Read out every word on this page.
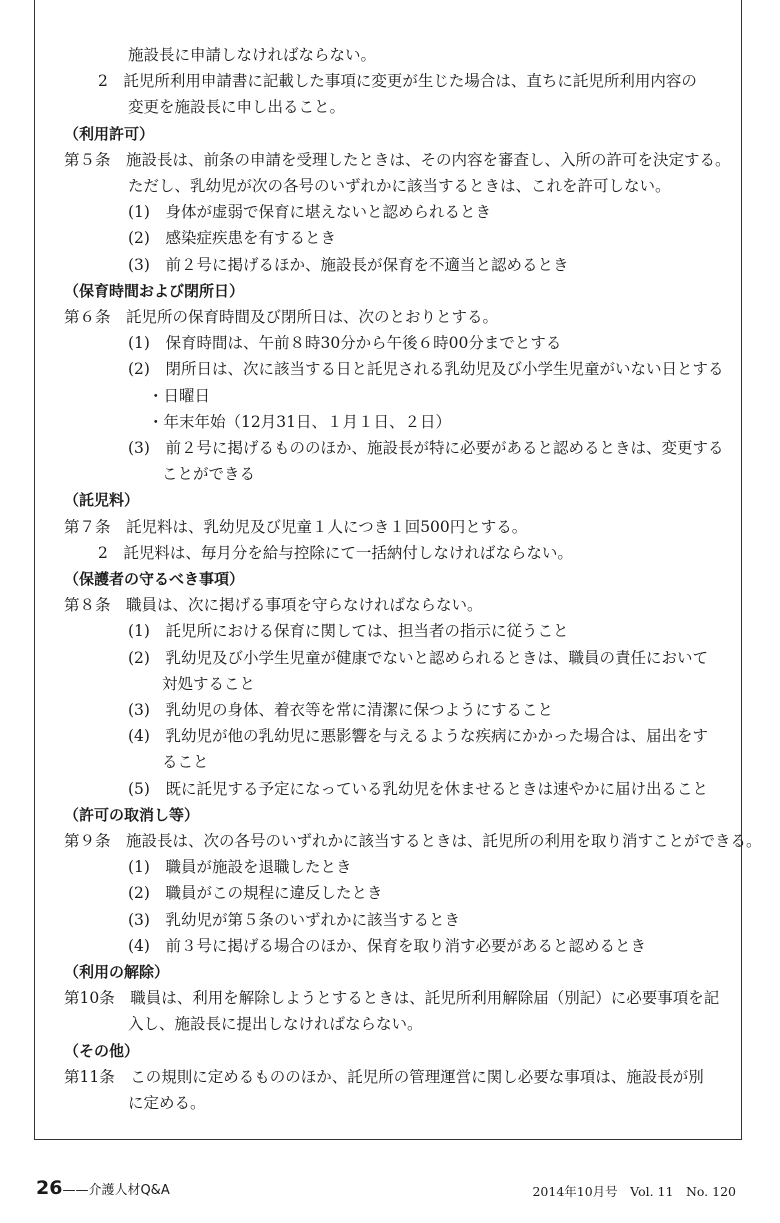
施設長に申請しなければならない。
2　託児所利用申請書に記載した事項に変更が生じた場合は、直ちに託児所利用内容の
変更を施設長に申し出ること。
（利用許可）
第５条　施設長は、前条の申請を受理したときは、その内容を審査し、入所の許可を決定する。
ただし、乳幼児が次の各号のいずれかに該当するときは、これを許可しない。
(1)　身体が虚弱で保育に堪えないと認められるとき
(2)　感染症疾患を有するとき
(3)　前２号に掲げるほか、施設長が保育を不適当と認めるとき
（保育時間および閉所日）
第６条　託児所の保育時間及び閉所日は、次のとおりとする。
(1)　保育時間は、午前８時30分から午後６時00分までとする
(2)　閉所日は、次に該当する日と託児される乳幼児及び小学生児童がいない日とする
・日曜日
・年末年始（12月31日、１月１日、２日）
(3)　前２号に掲げるもののほか、施設長が特に必要があると認めるときは、変更する
ことができる
（託児料）
第７条　託児料は、乳幼児及び児童１人につき１回500円とする。
2　託児料は、毎月分を給与控除にて一括納付しなければならない。
（保護者の守るべき事項）
第８条　職員は、次に掲げる事項を守らなければならない。
(1)　託児所における保育に関しては、担当者の指示に従うこと
(2)　乳幼児及び小学生児童が健康でないと認められるときは、職員の責任において
対処すること
(3)　乳幼児の身体、着衣等を常に清潔に保つようにすること
(4)　乳幼児が他の乳幼児に悪影響を与えるような疾病にかかった場合は、届出をす
ること
(5)　既に託児する予定になっている乳幼児を休ませるときは速やかに届け出ること
（許可の取消し等）
第９条　施設長は、次の各号のいずれかに該当するときは、託児所の利用を取り消すことができる。
(1)　職員が施設を退職したとき
(2)　職員がこの規程に違反したとき
(3)　乳幼児が第５条のいずれかに該当するとき
(4)　前３号に掲げる場合のほか、保育を取り消す必要があると認めるとき
（利用の解除）
第10条　職員は、利用を解除しようとするときは、託児所利用解除届（別記）に必要事項を記
入し、施設長に提出しなければならない。
（その他）
第11条　この規則に定めるもののほか、託児所の管理運営に関し必要な事項は、施設長が別
に定める。
26——介護人材Q&A	2014年10月号　Vol. 11　No. 120
